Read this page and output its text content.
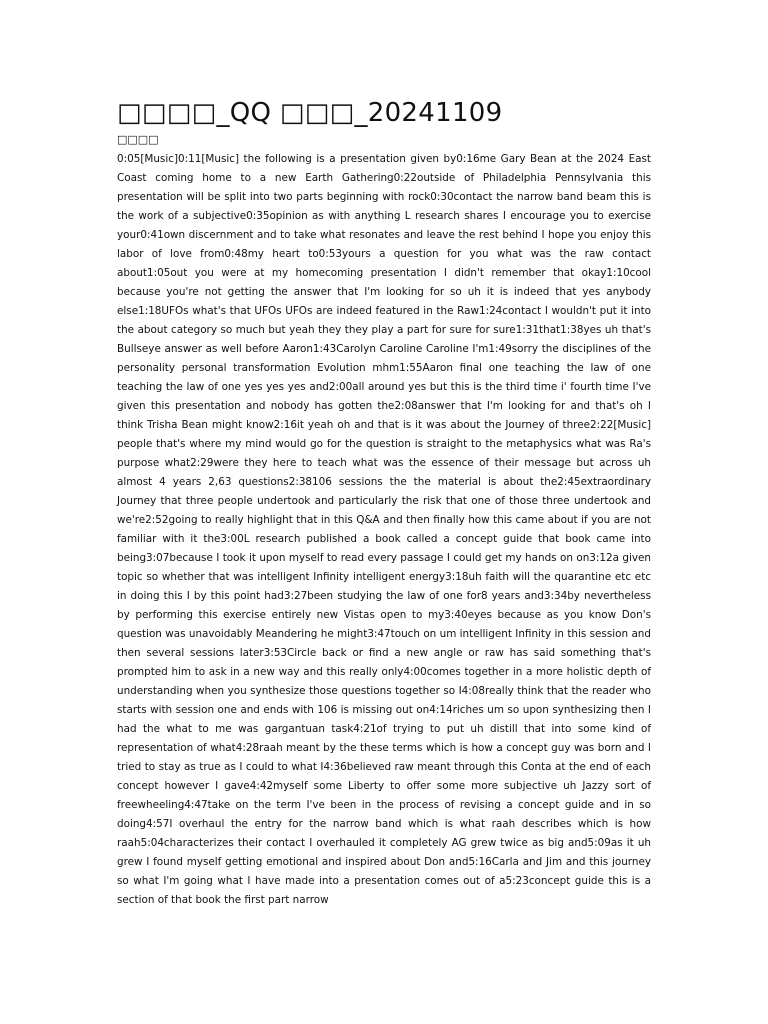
□□□□_QQ □□□_20241109
□□□□

0:05[Music]0:11[Music] the following is a presentation given by0:16me Gary Bean at the 2024 East Coast coming home to a new Earth Gathering0:22outside of Philadelphia Pennsylvania this presentation will be split into two parts beginning with rock0:30contact the narrow band beam this is the work of a subjective0:35opinion as with anything L research shares I encourage you to exercise your0:41own discernment and to take what resonates and leave the rest behind I hope you enjoy this labor of love from0:48my heart to0:53yours a question for you what was the raw contact about1:05out you were at my homecoming presentation I didn't remember that okay1:10cool because you're not getting the answer that I'm looking for so uh it is indeed that yes anybody else1:18UFOs what's that UFOs UFOs are indeed featured in the Raw1:24contact I wouldn't put it into the about category so much but yeah they they play a part for sure for sure1:31that1:38yes uh that's Bullseye answer as well before Aaron1:43Carolyn Caroline Caroline I'm1:49sorry the disciplines of the personality personal transformation Evolution mhm1:55Aaron final one teaching the law of one teaching the law of one yes yes yes and2:00all around yes but this is the third time i' fourth time I've given this presentation and nobody has gotten the2:08answer that I'm looking for and that's oh I think Trisha Bean might know2:16it yeah oh and that is it was about the Journey of three2:22[Music] people that's where my mind would go for the question is straight to the metaphysics what was Ra's purpose what2:29were they here to teach what was the essence of their message but across uh almost 4 years 2,63 questions2:38106 sessions the the material is about the2:45extraordinary Journey that three people undertook and particularly the risk that one of those three undertook and we're2:52going to really highlight that in this Q&A and then finally how this came about if you are not familiar with it the3:00L research published a book called a concept guide that book came into being3:07because I took it upon myself to read every passage I could get my hands on on3:12a given topic so whether that was intelligent Infinity intelligent energy3:18uh faith will the quarantine etc etc in doing this I by this point had3:27been studying the law of one for8 years and3:34by nevertheless by performing this exercise entirely new Vistas open to my3:40eyes because as you know Don's question was unavoidably Meandering he might3:47touch on um intelligent Infinity in this session and then several sessions later3:53Circle back or find a new angle or raw has said something that's prompted him to ask in a new way and this really only4:00comes together in a more holistic depth of understanding when you synthesize those questions together so I4:08really think that the reader who starts with session one and ends with 106 is missing out on4:14riches um so upon synthesizing then I had the what to me was gargantuan task4:21of trying to put uh distill that into some kind of representation of what4:28raah meant by the these terms which is how a concept guy was born and I tried to stay as true as I could to what I4:36believed raw meant through this Conta at the end of each concept however I gave4:42myself some Liberty to offer some more subjective uh Jazzy sort of freewheeling4:47take on the term I've been in the process of revising a concept guide and in so doing4:57I overhaul the entry for the narrow band which is what raah describes which is how raah5:04characterizes their contact I overhauled it completely AG grew twice as big and5:09as it uh grew I found myself getting emotional and inspired about Don and5:16Carla and Jim and this journey so what I'm going what I have made into a presentation comes out of a5:23concept guide this is a section of that book the first part narrow
